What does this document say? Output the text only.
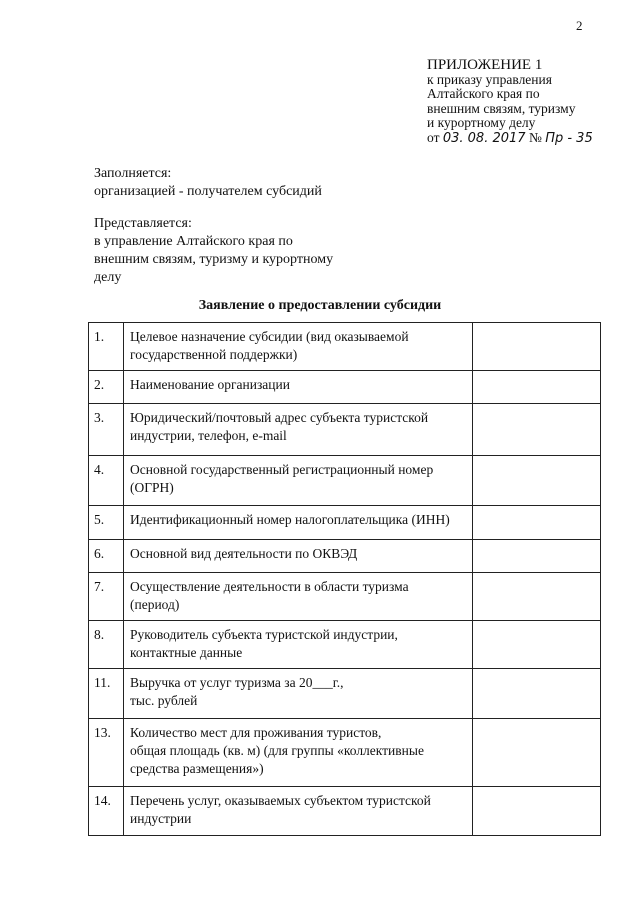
2
ПРИЛОЖЕНИЕ 1
к приказу управления
Алтайского края по
внешним связям, туризму
и курортному делу
от 03. 08. 2017 № Пр - 35
Заполняется:
организацией - получателем субсидий
Представляется:
в управление Алтайского края по
внешним связям, туризму и курортному
делу
Заявление о предоставлении субсидии
1.	Целевое назначение субсидии (вид оказываемой
государственной поддержки)	

2.	Наименование организации	

3.	Юридический/почтовый адрес субъекта туристской
индустрии, телефон, e-mail	

4.	Основной государственный регистрационный номер
(ОГРН)	

5.	Идентификационный номер налогоплательщика (ИНН)	

6.	Основной вид деятельности по ОКВЭД	

7.	Осуществление деятельности в области туризма
(период)	

8.	Руководитель субъекта туристской индустрии,
контактные данные	

11.	Выручка от услуг туризма за 20___г.,
тыс. рублей	

13.	Количество мест для проживания туристов,
общая площадь (кв. м) (для группы «коллективные
средства размещения»)	

14.	Перечень услуг, оказываемых субъектом туристской
индустрии	
